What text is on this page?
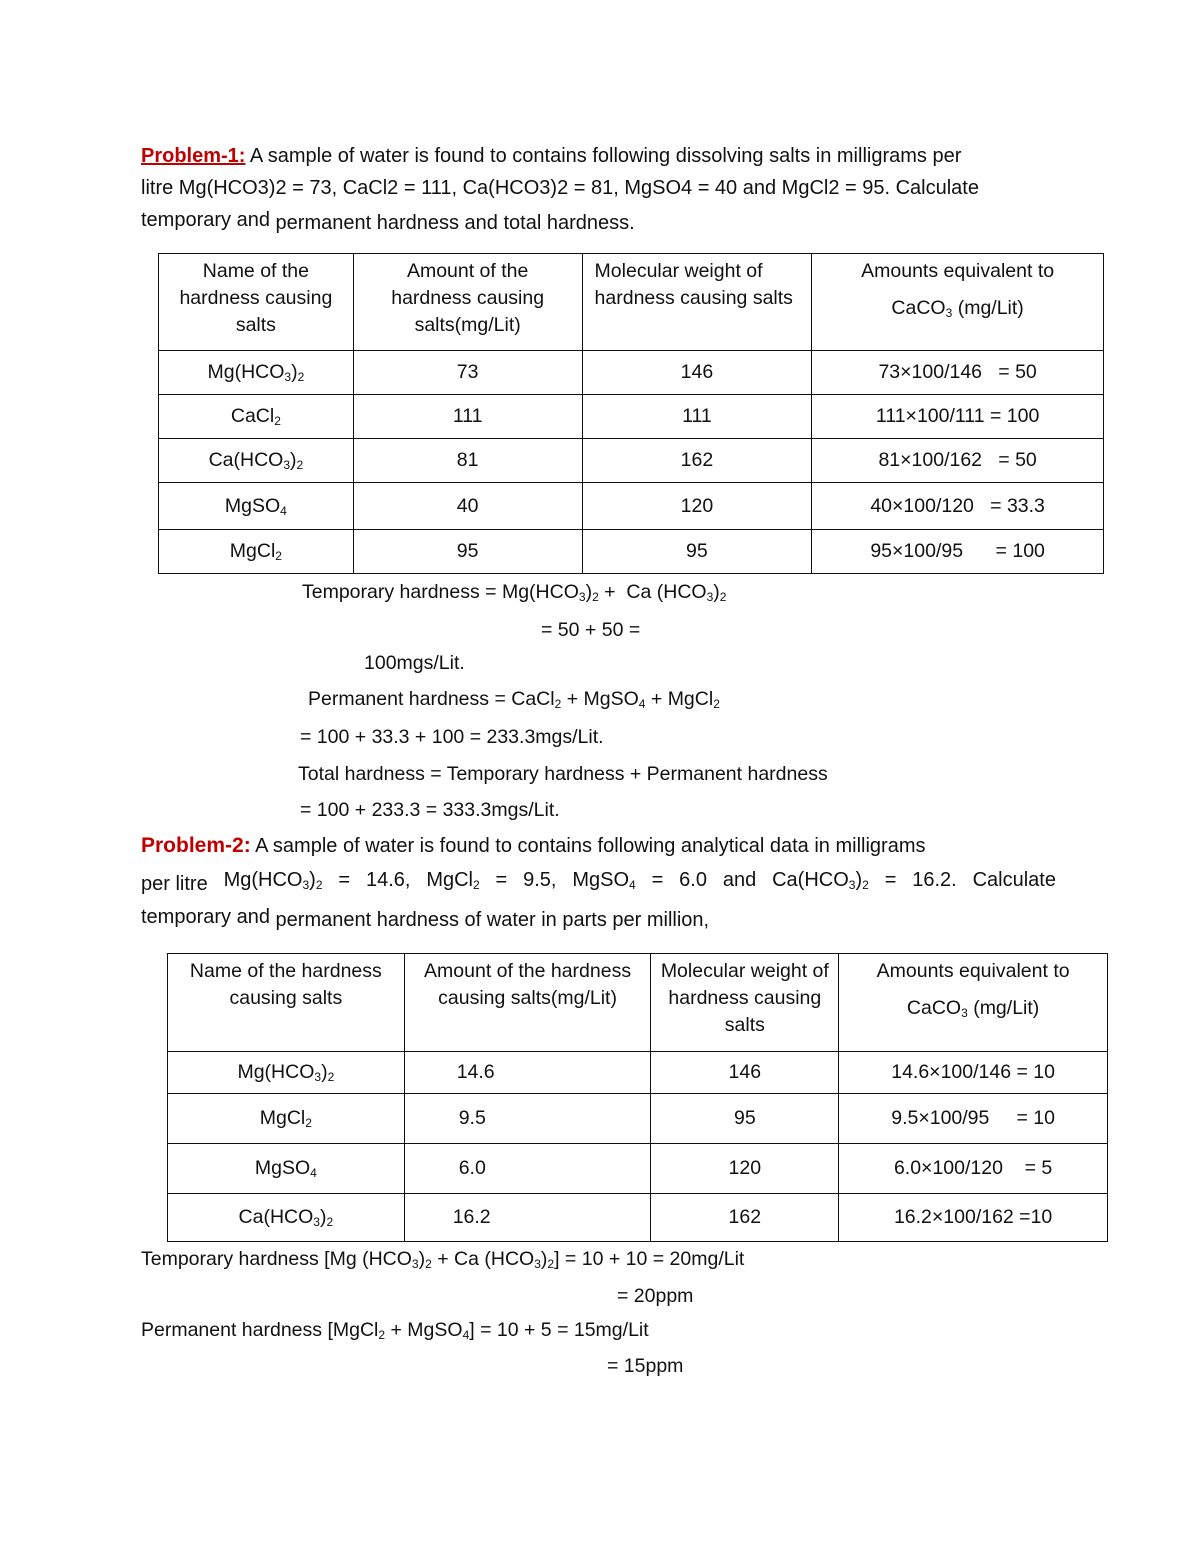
Problem-1: A sample of water is found to contains following dissolving salts in milligrams per
litre Mg(HCO3)2 = 73, CaCl2 = 111, Ca(HCO3)2 = 81, MgSO4 = 40 and MgCl2 = 95. Calculate
temporary and permanent hardness and total hardness.
Name of the hardness causing salts	Amount of the hardness causing salts(mg/Lit)	Molecular weight of hardness causing salts	Amounts equivalent to
CaCO$_3$ (mg/Lit)

$Mg(HCO_3)_2$	73	146	73×100/146   = 50
CaCl$_2$	111	111	111×100/111 = 100
$Ca(HCO_3)_2$	81	162	81×100/162   = 50
MgSO$_4$	40	120	40×100/120   = 33.3
MgCl$_2$	95	95	95×100/95      = 100
Temporary hardness = $Mg(HCO_3)_2 + Ca$ $(HCO_3)_2$
= 50 + 50 =
100mgs/Lit.
Permanent hardness = CaCl$_2$ + MgSO$_4$ + MgCl$_2$
= 100 + 33.3 + 100 = 233.3mgs/Lit.
Total hardness = Temporary hardness + Permanent hardness
= 100 + 233.3 = 333.3mgs/Lit.
Problem-2: A sample of water is found to contains following analytical data in milligrams
per litre $Mg(HCO_3)_2 = 14.6$, MgCl$_2$ = 9.5, MgSO$_4$ = 6.0 and $Ca(HCO_3)_2 = 16.2$. Calculate
temporary and permanent hardness of water in parts per million,
Name of the hardness causing salts	Amount of the hardness causing salts(mg/Lit)	Molecular weight of hardness causing salts	Amounts equivalent to
CaCO$_3$ (mg/Lit)

$Mg(HCO_3)_2$	14.6	146	14.6×100/146 = 10
MgCl$_2$	9.5	95	9.5×100/95     = 10
MgSO$_4$	6.0	120	6.0×100/120    = 5
$Ca(HCO_3)_2$	16.2	162	16.2×100/162 =10
Temporary hardness [Mg $(HCO_3)_2 + Ca$ $(HCO_3)_2] = 10 + 10 = 20mg/Lit$
= 20ppm
Permanent hardness [MgCl$_2$ + MgSO$_4$] = 10 + 5 = 15mg/Lit
= 15ppm
